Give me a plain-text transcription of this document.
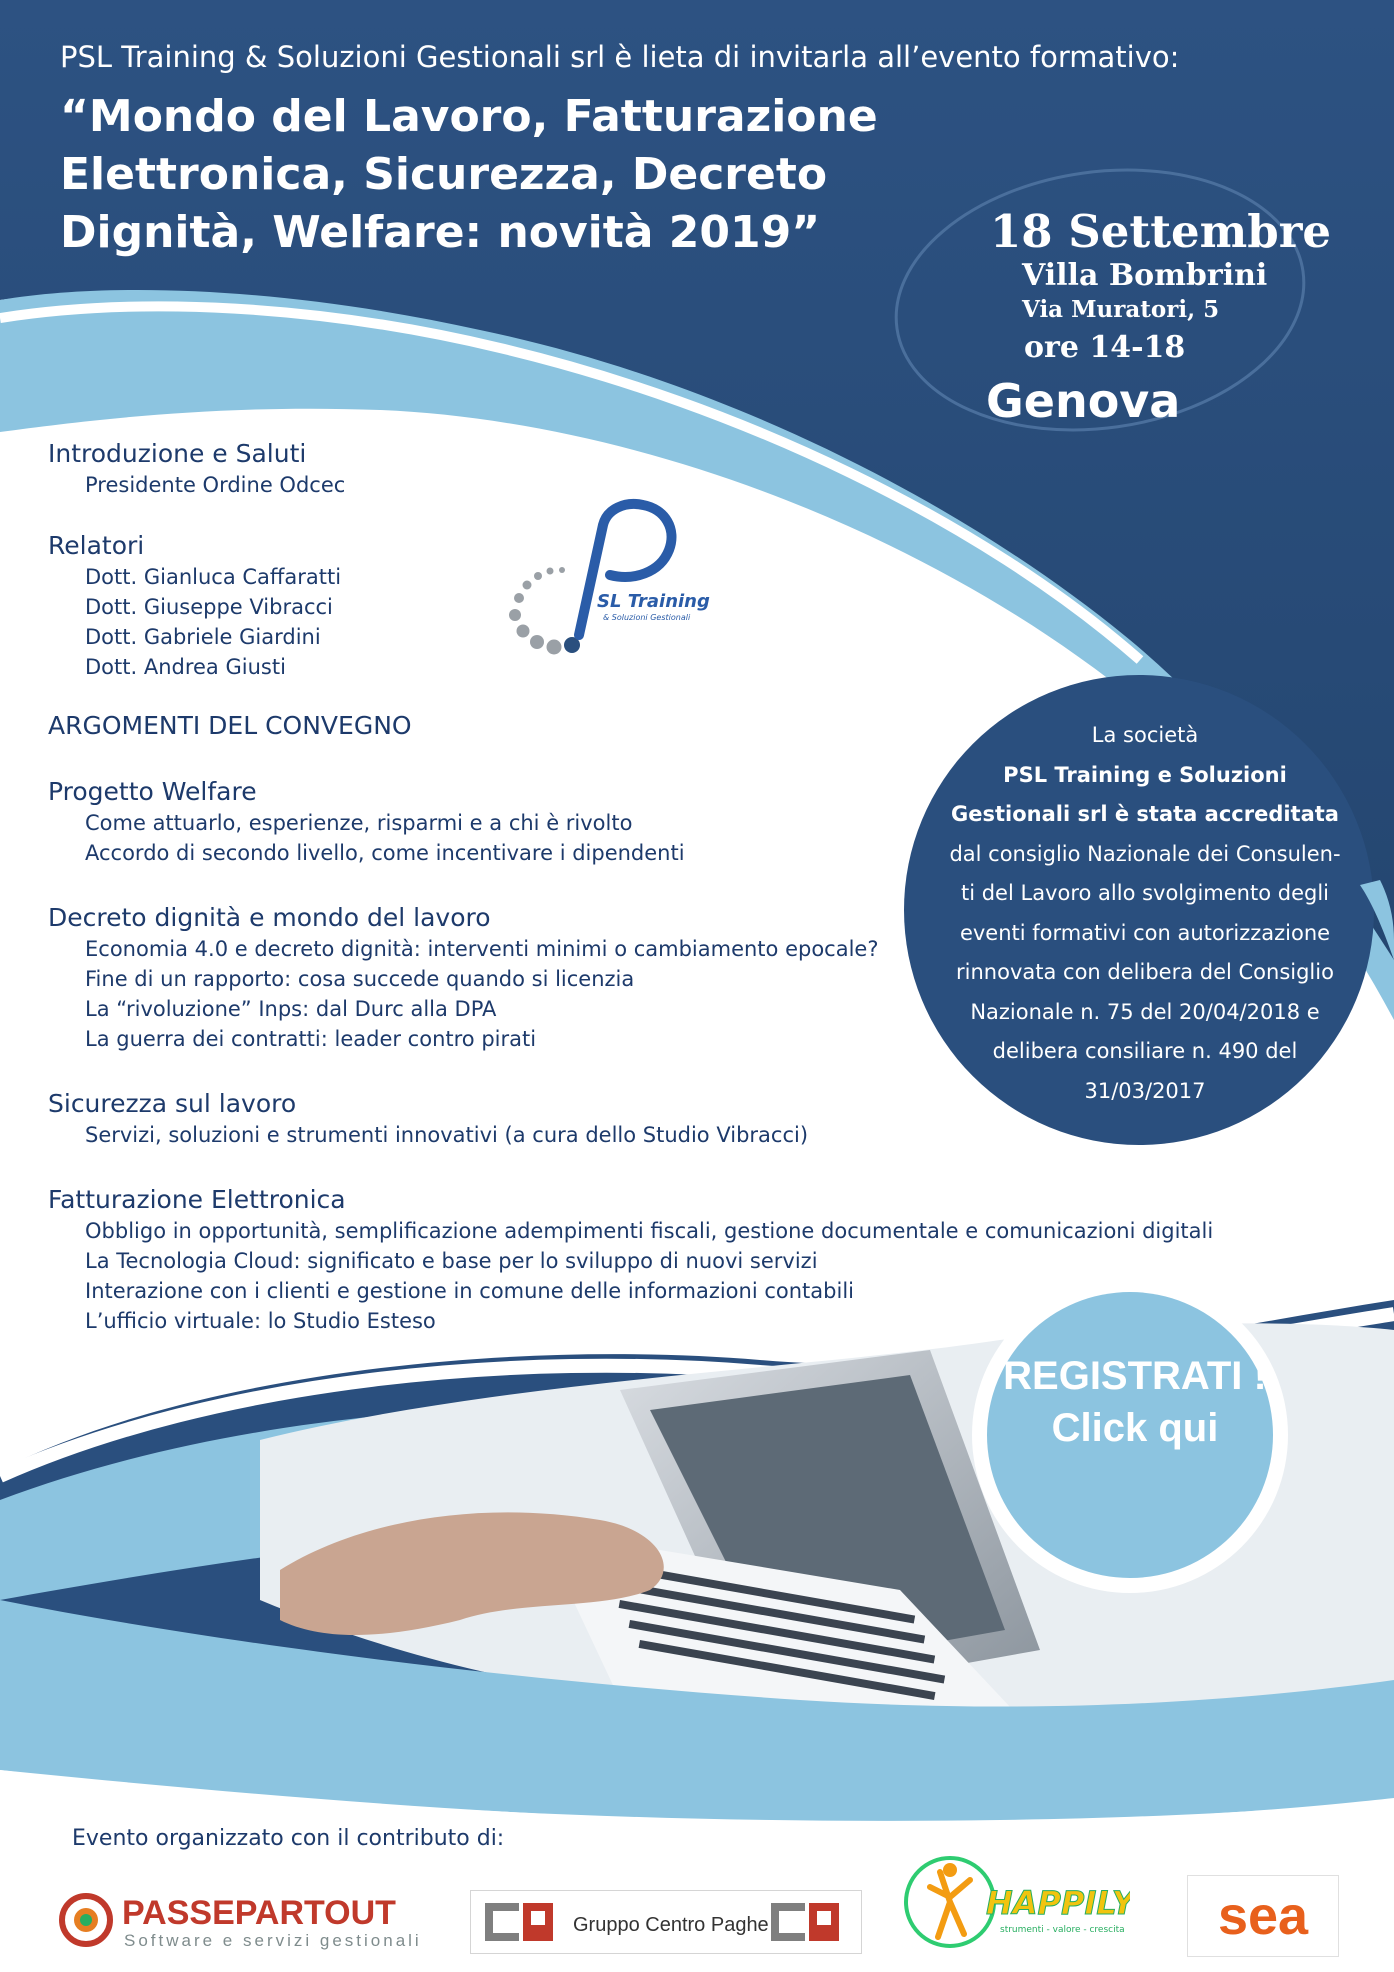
PSL Training & Soluzioni Gestionali srl è lieta di invitarla all’evento formativo:
“Mondo del Lavoro, Fatturazione
Elettronica, Sicurezza, Decreto
Dignità, Welfare: novità 2019”	18 Settembre
Villa Bombrini
Via Muratori, 5
ore 14-18
Genova
Introduzione e Saluti
Presidente Ordine Odcec
Relatori
Dott. Gianluca Caffaratti
Dott. Giuseppe Vibracci
Dott. Gabriele Giardini
Dott. Andrea Giusti
ARGOMENTI DEL CONVEGNO
Progetto Welfare
Come attuarlo, esperienze, risparmi e a chi è rivolto
Accordo di secondo livello, come incentivare i dipendenti
Decreto dignità e mondo del lavoro
Economia 4.0 e decreto dignità: interventi minimi o cambiamento epocale?
Fine di un rapporto: cosa succede quando si licenzia
La “rivoluzione” Inps: dal Durc alla DPA
La guerra dei contratti: leader contro pirati
Sicurezza sul lavoro
Servizi, soluzioni e strumenti innovativi (a cura dello Studio Vibracci)
Fatturazione Elettronica
Obbligo in opportunità, semplificazione adempimenti fiscali, gestione documentale e comunicazioni digitali
La Tecnologia Cloud: significato e base per lo sviluppo di nuovi servizi
Interazione con i clienti e gestione in comune delle informazioni contabili
L’ufficio virtuale: lo Studio Esteso
SL Training
& Soluzioni Gestionali
La società
PSL Training e Soluzioni
Gestionali srl è stata accreditata
dal consiglio Nazionale dei Consulen-
ti del Lavoro allo svolgimento degli
eventi formativi con autorizzazione
rinnovata con delibera del Consiglio
Nazionale n. 75 del 20/04/2018 e
delibera consiliare n. 490 del
31/03/2017
REGISTRATI !
Click qui
Evento organizzato con il contributo di:
PASSEPARTOUT
Software e servizi gestionali
Gruppo Centro Paghe
HAPPILY
strumenti - valore - crescita sea
